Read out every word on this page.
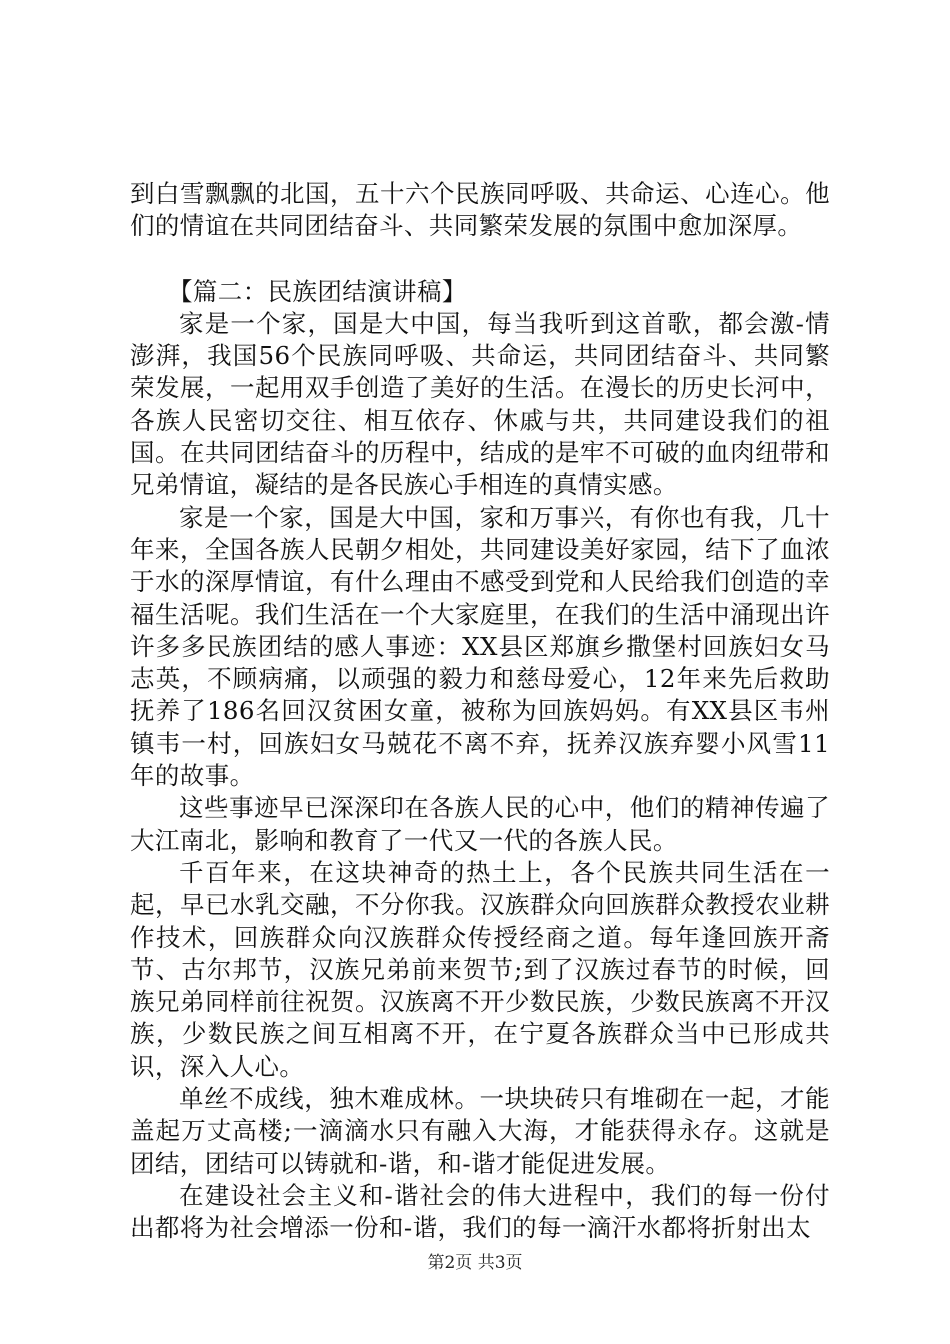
到白雪飘飘的北国，五十六个民族同呼吸、共命运、心连心。他们的情谊在共同团结奋斗、共同繁荣发展的氛围中愈加深厚。

【篇二：民族团结演讲稿】

家是一个家，国是大中国，每当我听到这首歌，都会激-情澎湃，我国56个民族同呼吸、共命运，共同团结奋斗、共同繁荣发展，一起用双手创造了美好的生活。在漫长的历史长河中，各族人民密切交往、相互依存、休戚与共，共同建设我们的祖国。在共同团结奋斗的历程中，结成的是牢不可破的血肉纽带和兄弟情谊，凝结的是各民族心手相连的真情实感。

家是一个家，国是大中国，家和万事兴，有你也有我，几十年来，全国各族人民朝夕相处，共同建设美好家园，结下了血浓于水的深厚情谊，有什么理由不感受到党和人民给我们创造的幸福生活呢。我们生活在一个大家庭里，在我们的生活中涌现出许许多多民族团结的感人事迹：XX县区郑旗乡撒堡村回族妇女马志英，不顾病痛，以顽强的毅力和慈母爱心，12年来先后救助抚养了186名回汉贫困女童，被称为回族妈妈。有XX县区韦州镇韦一村，回族妇女马兢花不离不弃，抚养汉族弃婴小风雪11年的故事。

这些事迹早已深深印在各族人民的心中，他们的精神传遍了大江南北，影响和教育了一代又一代的各族人民。

千百年来，在这块神奇的热土上，各个民族共同生活在一起，早已水乳交融，不分你我。汉族群众向回族群众教授农业耕作技术，回族群众向汉族群众传授经商之道。每年逢回族开斋节、古尔邦节，汉族兄弟前来贺节;到了汉族过春节的时候，回族兄弟同样前往祝贺。汉族离不开少数民族，少数民族离不开汉族，少数民族之间互相离不开，在宁夏各族群众当中已形成共识，深入人心。

单丝不成线，独木难成林。一块块砖只有堆砌在一起，才能盖起万丈高楼;一滴滴水只有融入大海，才能获得永存。这就是团结，团结可以铸就和-谐，和-谐才能促进发展。

在建设社会主义和-谐社会的伟大进程中，我们的每一份付出都将为社会增添一份和-谐，我们的每一滴汗水都将折射出太

第2页 共3页
